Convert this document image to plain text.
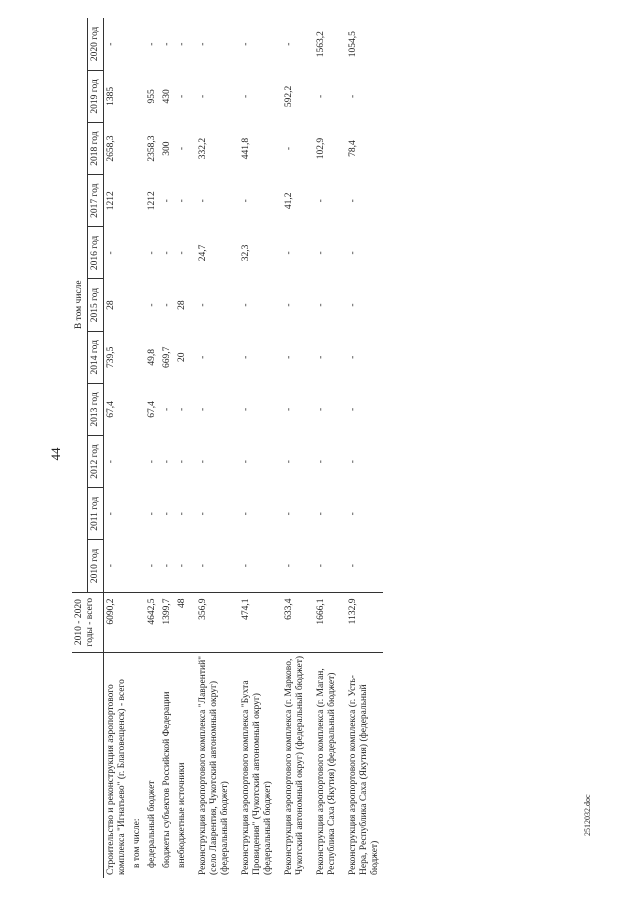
44
	2010 - 2020 годы - всего	В том числе										
		2010 год	2011 год	2012 год	2013 год	2014 год	2015 год	2016 год	2017 год	2018 год	2019 год	2020 год
Строительство и реконструкция аэропортового комплекса "Игнатьево" (г. Благовещенск) - всего	6090,2	-	-	-	67,4	739,5	28	-	1212	2658,3	1385	-
в том числе:												
федеральный бюджет	4642,5	-	-	-	67,4	49,8	-	-	1212	2358,3	955	-
бюджеты субъектов Российской Федерации	1399,7	-	-	-	-	669,7	-	-	-	300	430	-
внебюджетные источники	48	-	-	-	-	20	28	-	-	-	-	-
Реконструкция аэропортового комплекса "Лаврентий" (село Лаврентия, Чукотский автономный округ) (федеральный бюджет)	356,9	-	-	-	-	-	-	24,7	-	332,2	-	-
Реконструкция аэропортового комплекса "Бухта Провидения" (Чукотский автономный округ) (федеральный бюджет)	474,1	-	-	-	-	-	-	32,3	-	441,8	-	-
Реконструкция аэропортового комплекса (г. Марково, Чукотский автономный округ) (федеральный бюджет)	633,4	-	-	-	-	-	-	-	41,2	-	592,2	-
Реконструкция аэропортового комплекса (г. Маган, Республика Саха (Якутия) (федеральный бюджет)	1666,1	-	-	-	-	-	-	-	-	102,9	-	1563,2
Реконструкция аэропортового комплекса (г. Усть-Нера, Республика Саха (Якутия) (федеральный бюджет)	1132,9	-	-	-	-	-	-	-	-	78,4	-	1054,5
2512032.doc
